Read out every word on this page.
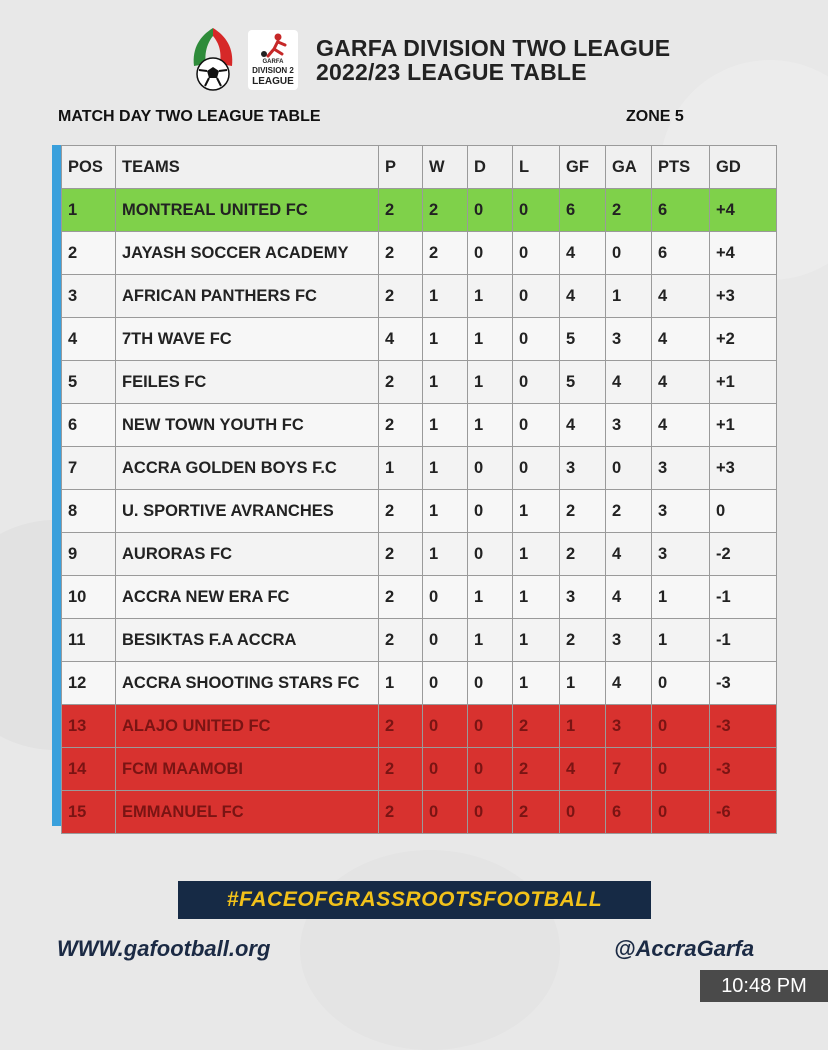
GARFA
DIVISION 2
LEAGUE
GARFA DIVISION TWO LEAGUE
2022/23 LEAGUE TABLE
MATCH DAY TWO LEAGUE TABLE	ZONE 5
POS	TEAMS	P	W	D	L	GF	GA	PTS	GD
1	MONTREAL UNITED FC	2	2	0	0	6	2	6	+4
2	JAYASH SOCCER ACADEMY	2	2	0	0	4	0	6	+4
3	AFRICAN PANTHERS FC	2	1	1	0	4	1	4	+3
4	7TH WAVE FC	4	1	1	0	5	3	4	+2
5	FEILES FC	2	1	1	0	5	4	4	+1
6	NEW TOWN YOUTH FC	2	1	1	0	4	3	4	+1
7	ACCRA GOLDEN BOYS F.C	1	1	0	0	3	0	3	+3
8	U. SPORTIVE AVRANCHES	2	1	0	1	2	2	3	0
9	AURORAS FC	2	1	0	1	2	4	3	-2
10	ACCRA NEW ERA FC	2	0	1	1	3	4	1	-1
11	BESIKTAS F.A ACCRA	2	0	1	1	2	3	1	-1
12	ACCRA SHOOTING STARS FC	1	0	0	1	1	4	0	-3
13	ALAJO UNITED FC	2	0	0	2	1	3	0	-3
14	FCM MAAMOBI	2	0	0	2	4	7	0	-3
15	EMMANUEL FC	2	0	0	2	0	6	0	-6
#FACEOFGRASSROOTSFOOTBALL
WWW.gafootball.org	@AccraGarfa
10:48 PM
